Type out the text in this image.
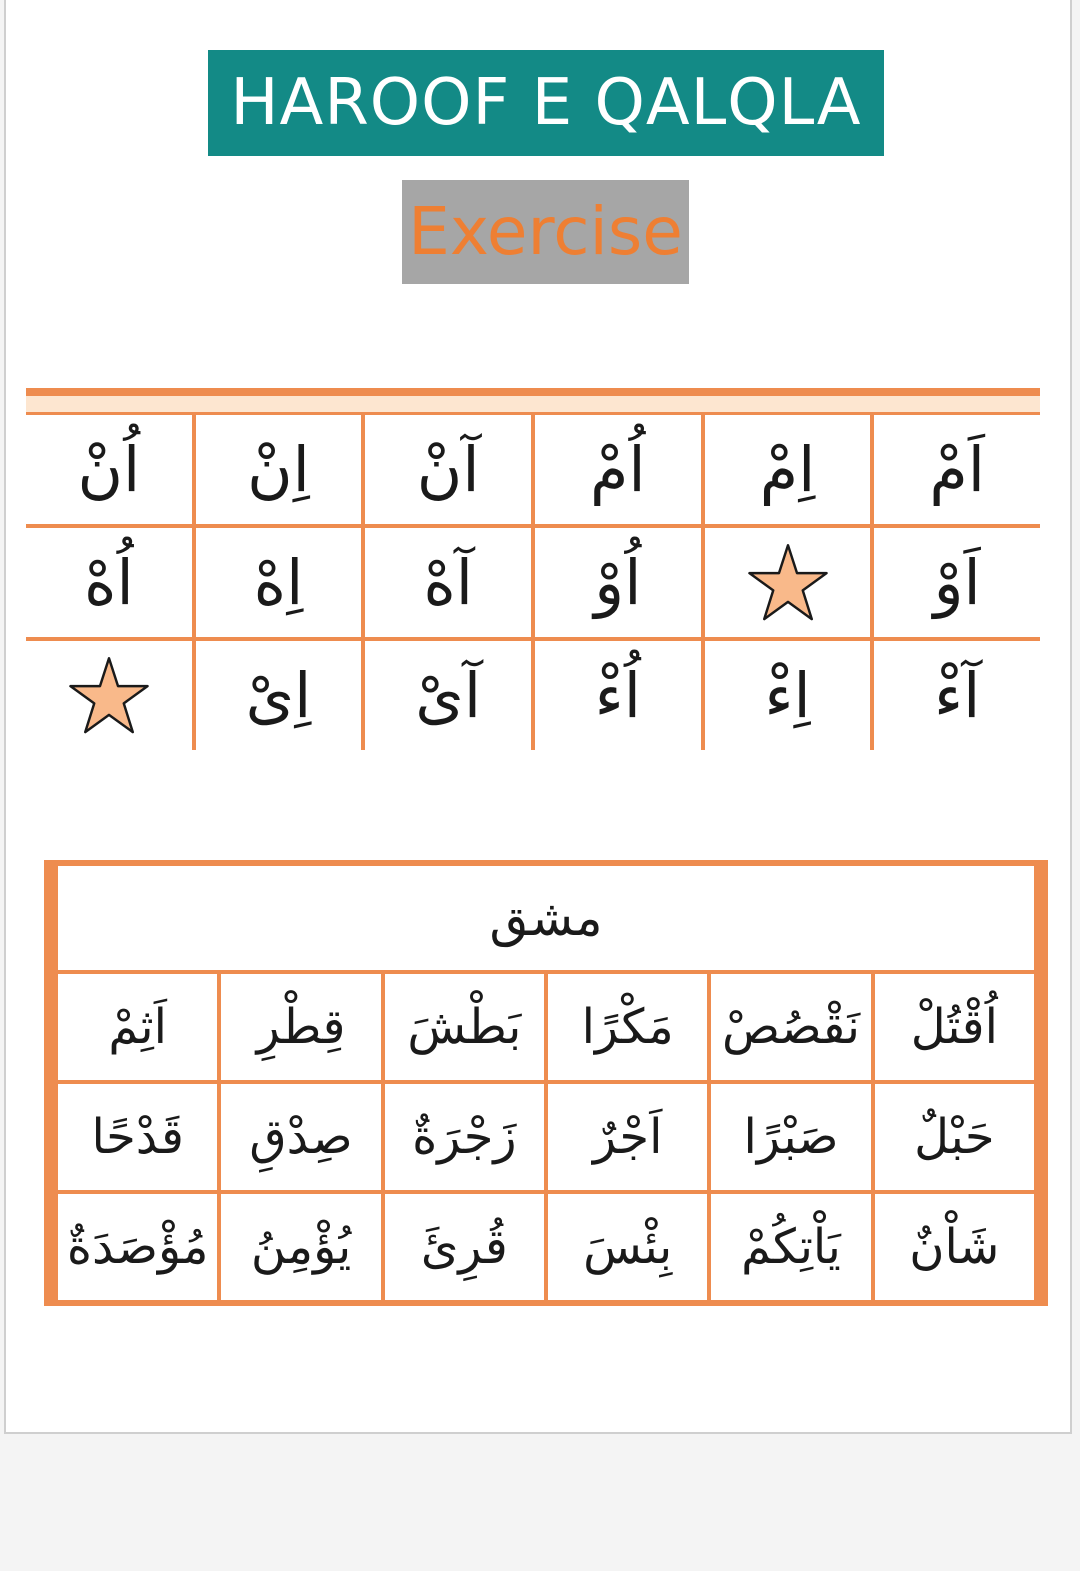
HAROOF E QALQLA
Exercise
اَمْ
اِمْ
اُمْ
آنْ
اِنْ
اُنْ
اَوْ
اُوْ
آهْ
اِهْ
اُهْ
آءْ
اِءْ
اُءْ
آیْ
اِیْ
مشق
اُقْتُلْ
نَقْصُصْ
مَكْرًا
بَطْشَ
قِطْرِ
اَثِمْ
حَبْلٌ
صَبْرًا
اَجْرٌ
زَجْرَةٌ
صِدْقِ
قَدْحًا
شَاْنٌ
يَاْتِكُمْ
بِئْسَ
قُرِئَ
يُؤْمِنُ
مُؤْصَدَةٌ
